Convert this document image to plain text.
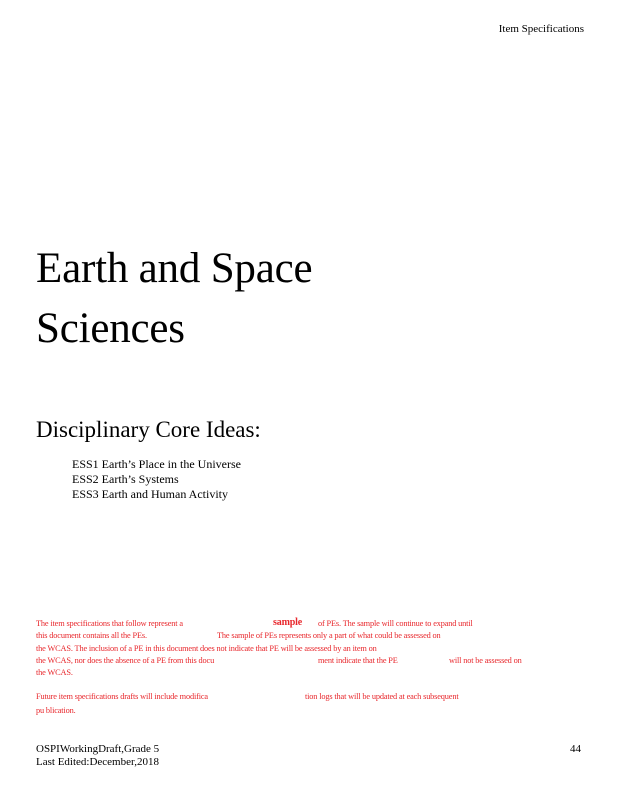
Item Specifications
Earth and Space
Sciences
Disciplinary Core Ideas:
ESS1 Earth’s Place in the Universe
ESS2 Earth’s Systems
ESS3 Earth and Human Activity
The item specifications that follow represent a	sample of PEs. The sample will continue to expand until
this document contains all the PEs.	The sample of PEs represents only a part of what could be assessed on
the WCAS. The inclusion of a PE in this document does not indicate that PE will be assessed by an item on
the WCAS, nor does the absence of a PE from this docu	ment indicate that the PE	will not be assessed on
the WCAS.
Future item specifications drafts will include modifica	tion logs that will be updated at each subsequent
pu blication.
OSPIWorkingDraft,Grade 5
Last Edited:December,2018
44
